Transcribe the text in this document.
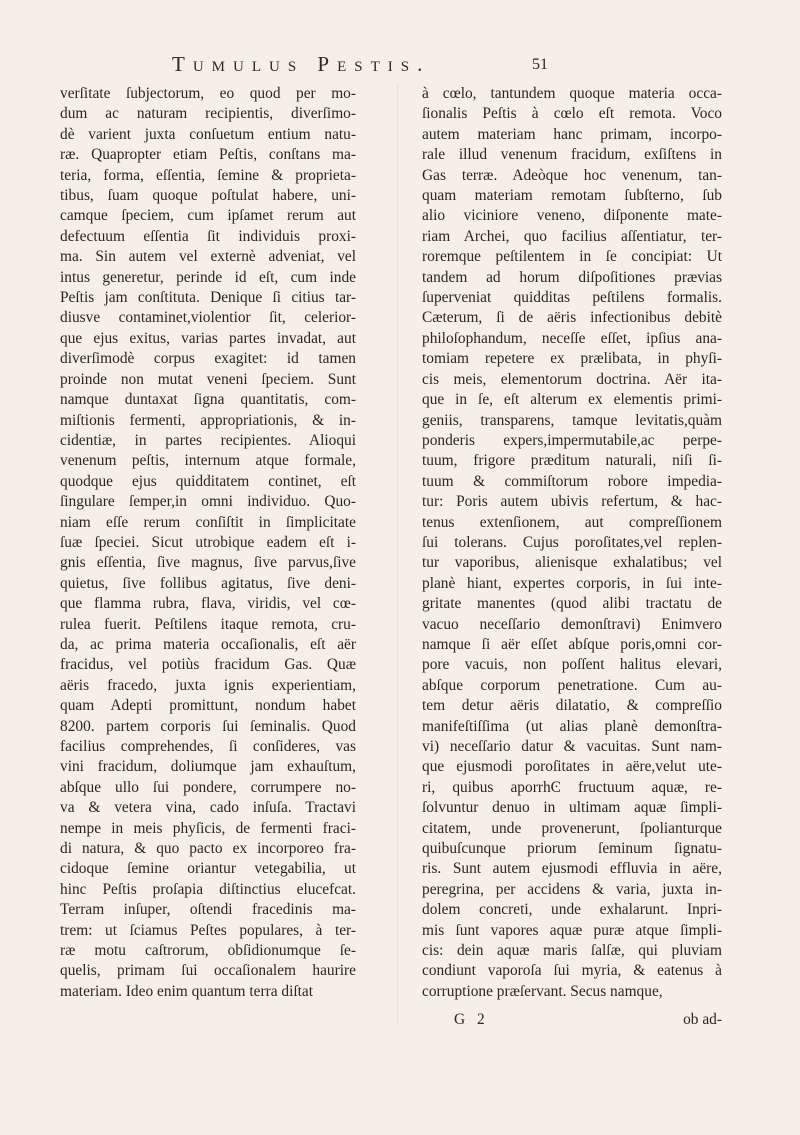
Tumulus Pestis.	51
verſitate ſubjectorum, eo quod per mo-
dum ac naturam recipientis, diverſimo-
dè varient juxta conſuetum entium natu-
ræ. Quapropter etiam Peſtis, conſtans ma-
teria, forma, eſſentia, ſemine & proprieta-
tibus, ſuam quoque poſtulat habere, uni-
camque ſpeciem, cum ipſamet rerum aut
defectuum eſſentia ſit individuis proxi-
ma. Sin autem vel externè adveniat, vel
intus generetur, perinde id eſt, cum inde
Peſtis jam conſtituta. Denique ſi citius tar-
diusve contaminet,violentior ſit, celerior-
que ejus exitus, varias partes invadat, aut
diverſimodè corpus exagitet: id tamen
proinde non mutat veneni ſpeciem. Sunt
namque duntaxat ſigna quantitatis, com-
miſtionis fermenti, appropriationis, & in-
cidentiæ, in partes recipientes. Alioqui
venenum peſtis, internum atque formale,
quodque ejus quidditatem continet, eſt
ſingulare ſemper,in omni individuo. Quo-
niam eſſe rerum conſiſtit in ſimplicitate
ſuæ ſpeciei. Sicut utrobique eadem eſt i-
gnis eſſentia, ſive magnus, ſive parvus,ſive
quietus, ſive follibus agitatus, ſive deni-
que flamma rubra, flava, viridis, vel cœ-
rulea fuerit. Peſtilens itaque remota, cru-
da, ac prima materia occaſionalis, eſt aër
fracidus, vel potiùs fracidum Gas. Quæ
aëris fracedo, juxta ignis experientiam,
quam Adepti promittunt, nondum habet
8200. partem corporis ſui ſeminalis. Quod
facilius comprehendes, ſi conſideres, vas
vini fracidum, doliumque jam exhauſtum,
abſque ullo ſui pondere, corrumpere no-
va & vetera vina, cado inſuſa. Tractavi
nempe in meis phyſicis, de fermenti fraci-
di natura, & quo pacto ex incorporeo fra-
cidoque ſemine oriantur vetegabilia, ut
hinc Peſtis proſapia diſtinctius elucefcat.
Terram inſuper, oſtendi fracedinis ma-
trem: ut ſciamus Peſtes populares, à ter-
ræ motu caſtrorum, obſidionumque ſe-
quelis, primam ſui occaſionalem haurire
materiam. Ideo enim quantum terra diſtat
à cœlo, tantundem quoque materia occa-
ſionalis Peſtis à cœlo eſt remota. Voco
autem materiam hanc primam, incorpo-
rale illud venenum fracidum, exſiſtens in
Gas terræ. Adeòque hoc venenum, tan-
quam materiam remotam ſubſterno, ſub
alio viciniore veneno, diſponente mate-
riam Archei, quo facilius aſſentiatur, ter-
roremque peſtilentem in ſe concipiat: Ut
tandem ad horum diſpoſitiones prævias
ſuperveniat quidditas peſtilens formalis.
Cæterum, ſi de aëris infectionibus debitè
philoſophandum, neceſſe eſſet, ipſius ana-
tomiam repetere ex prælibata, in phyſi-
cis meis, elementorum doctrina. Aër ita-
que in ſe, eſt alterum ex elementis primi-
geniis, transparens, tamque levitatis,quàm
ponderis expers,impermutabile,ac perpe-
tuum, frigore præditum naturali, niſi ſi-
tuum & commiſtorum robore impedia-
tur: Poris autem ubivis refertum, & hac-
tenus extenſionem, aut compreſſionem
ſui tolerans. Cujus poroſitates,vel replen-
tur vaporibus, alienisque exhalatibus; vel
planè hiant, expertes corporis, in ſui inte-
gritate manentes (quod alibi tractatu de
vacuo neceſſario demonſtravi) Enimvero
namque ſi aër eſſet abſque poris,omni cor-
pore vacuis, non poſſent halitus elevari,
abſque corporum penetratione. Cum au-
tem detur aëris dilatatio, & compreſſio
manifeſtiſſima (ut alias planè demonſtra-
vi) neceſſario datur & vacuitas. Sunt nam-
que ejusmodi poroſitates in aëre,velut ute-
ri, quibus aporrhϾ fructuum aquæ, re-
ſolvuntur denuo in ultimam aquæ ſimpli-
citatem, unde provenerunt, ſpolianturque
quibuſcunque priorum ſeminum ſignatu-
ris. Sunt autem ejusmodi effluvia in aëre,
peregrina, per accidens & varia, juxta in-
dolem concreti, unde exhalarunt. Inpri-
mis ſunt vapores aquæ puræ atque ſimpli-
cis: dein aquæ maris ſalſæ, qui pluviam
condiunt vaporoſa ſui myria, & eatenus à
corruptione præſervant. Secus namque,
G 2	ob ad-
